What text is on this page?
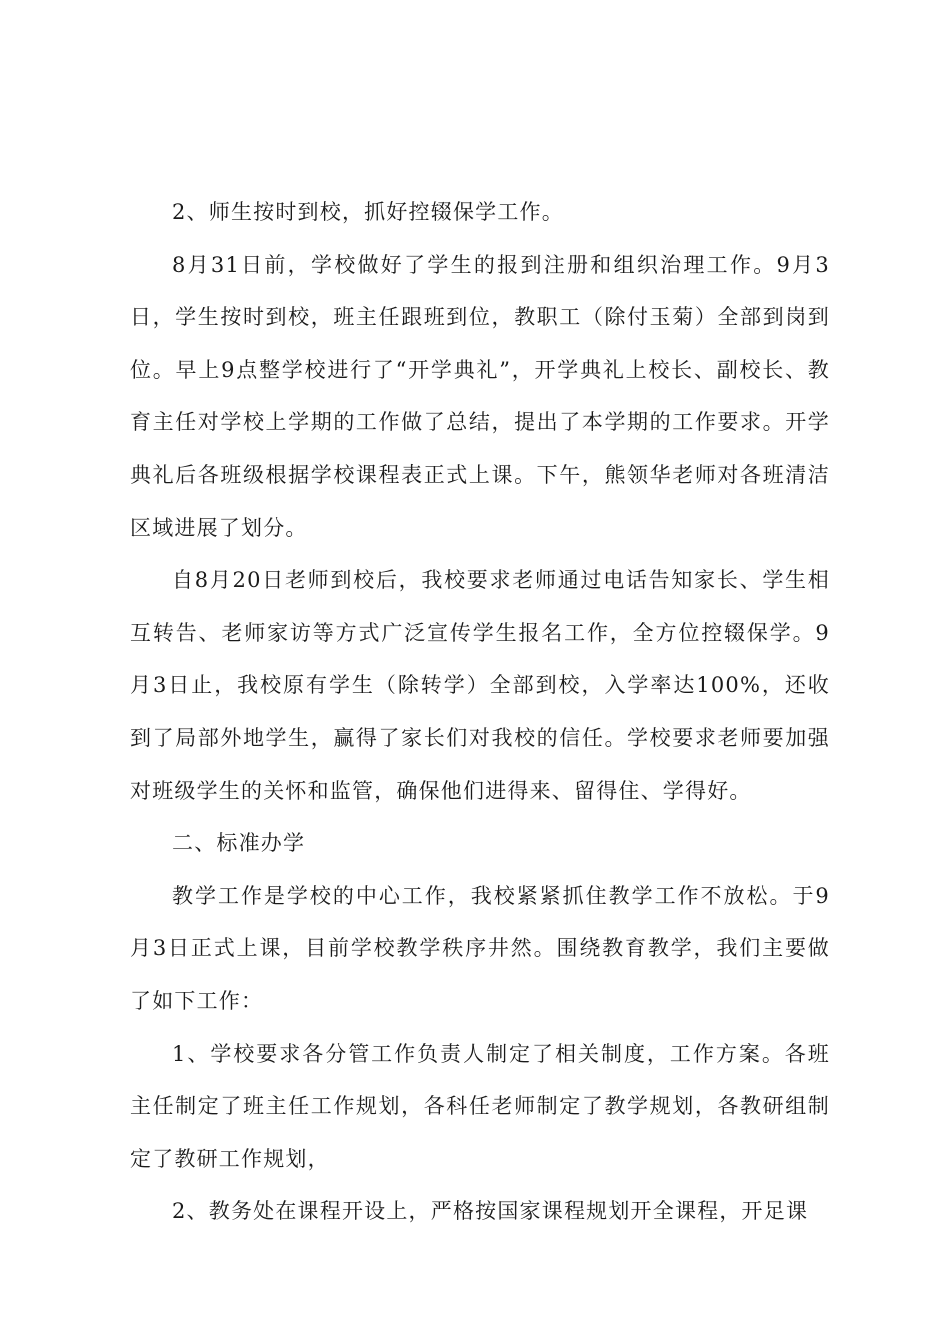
2、师生按时到校，抓好控辍保学工作。

8月31日前，学校做好了学生的报到注册和组织治理工作。9月3日，学生按时到校，班主任跟班到位，教职工（除付玉菊）全部到岗到位。早上9点整学校进行了“开学典礼”，开学典礼上校长、副校长、教育主任对学校上学期的工作做了总结，提出了本学期的工作要求。开学典礼后各班级根据学校课程表正式上课。下午，熊领华老师对各班清洁区域进展了划分。

自8月20日老师到校后，我校要求老师通过电话告知家长、学生相互转告、老师家访等方式广泛宣传学生报名工作，全方位控辍保学。9月3日止，我校原有学生（除转学）全部到校，入学率达100%，还收到了局部外地学生，赢得了家长们对我校的信任。学校要求老师要加强对班级学生的关怀和监管，确保他们进得来、留得住、学得好。

二、标准办学

教学工作是学校的中心工作，我校紧紧抓住教学工作不放松。于9月3日正式上课，目前学校教学秩序井然。围绕教育教学，我们主要做了如下工作：

1、学校要求各分管工作负责人制定了相关制度，工作方案。各班主任制定了班主任工作规划，各科任老师制定了教学规划，各教研组制定了教研工作规划，

2、教务处在课程开设上，严格按国家课程规划开全课程，开足课
